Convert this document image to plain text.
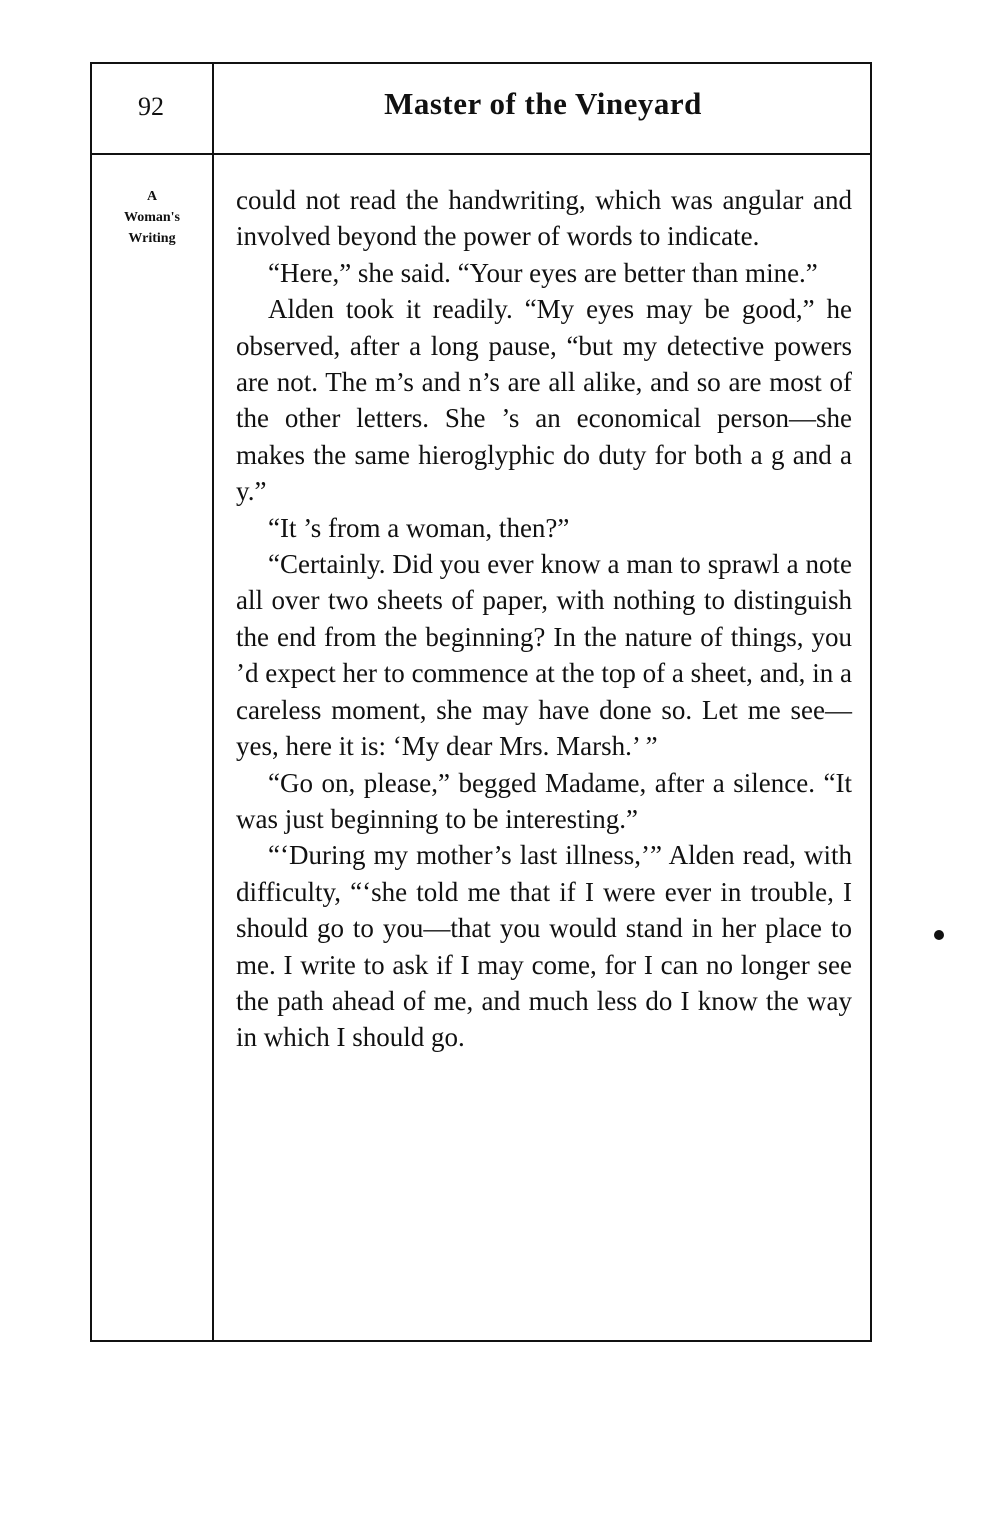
92	Master of the Vineyard
A
Woman's
Writing

could not read the handwriting, which was angular and involved beyond the power of words to indicate.

“Here,” she said. “Your eyes are better than mine.”

Alden took it readily. “My eyes may be good,” he observed, after a long pause, “but my detective powers are not. The m’s and n’s are all alike, and so are most of the other letters. She ’s an economical person—she makes the same hieroglyphic do duty for both a g and a y.”

“It ’s from a woman, then?”

“Certainly. Did you ever know a man to sprawl a note all over two sheets of paper, with nothing to distinguish the end from the beginning? In the nature of things, you ’d expect her to commence at the top of a sheet, and, in a careless moment, she may have done so. Let me see—yes, here it is: ‘My dear Mrs. Marsh.’ ”

“Go on, please,” begged Madame, after a silence. “It was just beginning to be interesting.”

“‘During my mother’s last illness,’” Alden read, with difficulty, “‘she told me that if I were ever in trouble, I should go to you—that you would stand in her place to me. I write to ask if I may come, for I can no longer see the path ahead of me, and much less do I know the way in which I should go.
